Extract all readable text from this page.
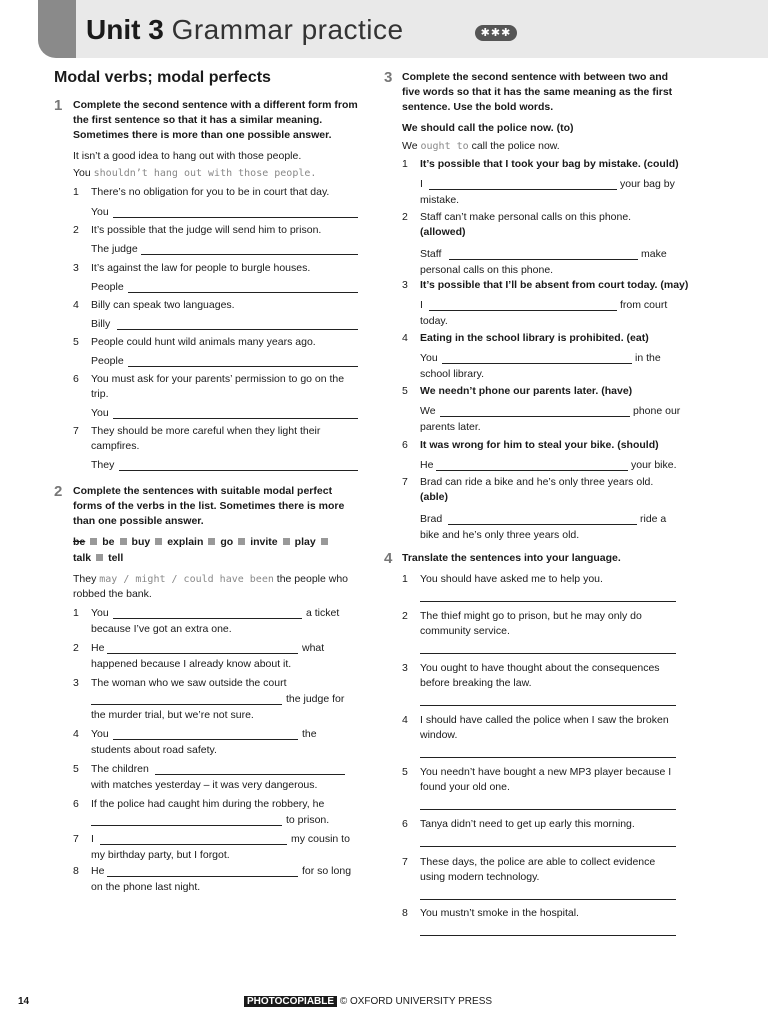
Unit 3 Grammar practice	✱✱✱
Modal verbs; modal perfects
1 Complete the second sentence with a different form from the first sentence so that it has a similar meaning. Sometimes there is more than one possible answer.
It isn’t a good idea to hang out with those people.
You shouldn’t hang out with those people.
1 There’s no obligation for you to be in court that day.
You
2 It’s possible that the judge will send him to prison.
The judge
3 It’s against the law for people to burgle houses.
People
4 Billy can speak two languages.
Billy
5 People could hunt wild animals many years ago.
People
6 You must ask for your parents’ permission to go on the trip.
You
7 They should be more careful when they light their campfires.
They
2 Complete the sentences with suitable modal perfect forms of the verbs in the list. Sometimes there is more than one possible answer.
be be buy explain go invite play
talk tell
They may / might / could have been the people who
robbed the bank.
1 You	a ticket
because I’ve got an extra one.
2 He	what
happened because I already know about it.
3 The woman who we saw outside the court
the judge for
the murder trial, but we’re not sure.
4 You	the
students about road safety.
5 The children
with matches yesterday – it was very dangerous.
6 If the police had caught him during the robbery, he
to prison.
7 I	my cousin to
my birthday party, but I forgot.
8 He	for so long
on the phone last night.
3 Complete the second sentence with between two and five words so that it has the same meaning as the first sentence. Use the bold words.
We should call the police now. (to)
We ought to call the police now.
1 It’s possible that I took your bag by mistake. (could)
I	your bag by
mistake.
2 Staff can’t make personal calls on this phone.
(allowed)
Staff	make
personal calls on this phone.
3 It’s possible that I’ll be absent from court today. (may)
I	from court
today.
4 Eating in the school library is prohibited. (eat)
You	in the
school library.
5 We needn’t phone our parents later. (have)
We	phone our
parents later.
6 It was wrong for him to steal your bike. (should)
He	your bike.
7 Brad can ride a bike and he’s only three years old.
(able)
Brad	ride a
bike and he’s only three years old.
4 Translate the sentences into your language.
1 You should have asked me to help you.
2 The thief might go to prison, but he may only do
community service.
3 You ought to have thought about the consequences
before breaking the law.
4 I should have called the police when I saw the broken
window.
5 You needn’t have bought a new MP3 player because I
found your old one.
6 Tanya didn’t need to get up early this morning.
7 These days, the police are able to collect evidence
using modern technology.
8 You mustn’t smoke in the hospital.
14	PHOTOCOPIABLE © OXFORD UNIVERSITY PRESS
